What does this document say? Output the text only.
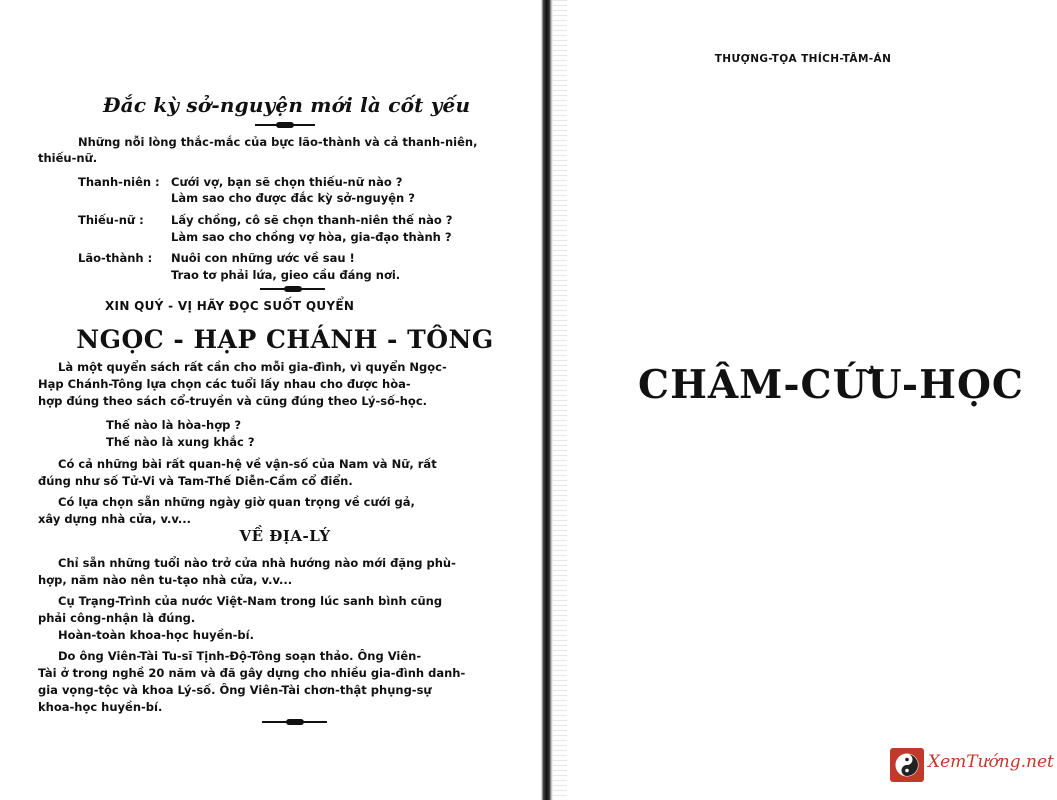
Đắc kỳ sở-nguyện mới là cốt yếu
Những nỗi lòng thắc-mắc của bực lão-thành và cả thanh-niên,
thiếu-nữ.
Thanh-niên : Cưới vợ, bạn sẽ chọn thiếu-nữ nào ?
Làm sao cho được đắc kỳ sở-nguyện ?
Thiếu-nữ : Lấy chồng, cô sẽ chọn thanh-niên thế nào ?
Làm sao cho chồng vợ hòa, gia-đạo thành ?
Lão-thành : Nuôi con những ước về sau !
Trao tơ phải lứa, gieo cầu đáng nơi.
XIN QUÝ - VỊ HÃY ĐỌC SUỐT QUYỂN
NGỌC - HẠP CHÁNH - TÔNG
Là một quyển sách rất cần cho mỗi gia-đình, vì quyển Ngọc-
Hạp Chánh-Tông lựa chọn các tuổi lấy nhau cho được hòa-
hợp đúng theo sách cổ-truyền và cũng đúng theo Lý-số-học.
Thế nào là hòa-hợp ?
Thế nào là xung khắc ?
Có cả những bài rất quan-hệ về vận-số của Nam và Nữ, rất
đúng như số Tử-Vi và Tam-Thế Diễn-Cầm cổ điển.
Có lựa chọn sẵn những ngày giờ quan trọng về cưới gả,
xây dựng nhà cửa, v.v...
VỀ ĐỊA-LÝ
Chỉ sẵn những tuổi nào trở cửa nhà hướng nào mới đặng phù-
hợp, năm nào nên tu-tạo nhà cửa, v.v...
Cụ Trạng-Trình của nước Việt-Nam trong lúc sanh bình cũng
phải công-nhận là đúng.
Hoàn-toàn khoa-học huyền-bí.
Do ông Viên-Tài Tu-sĩ Tịnh-Độ-Tông soạn thảo. Ông Viên-
Tài ở trong nghề 20 năm và đã gây dựng cho nhiều gia-đình danh-
gia vọng-tộc và khoa Lý-số. Ông Viên-Tài chơn-thật phụng-sự
khoa-học huyền-bí.
THƯỢNG-TỌA THÍCH-TÂM-ÁN
CHÂM-CỨU-HỌC
XemTướng.net
